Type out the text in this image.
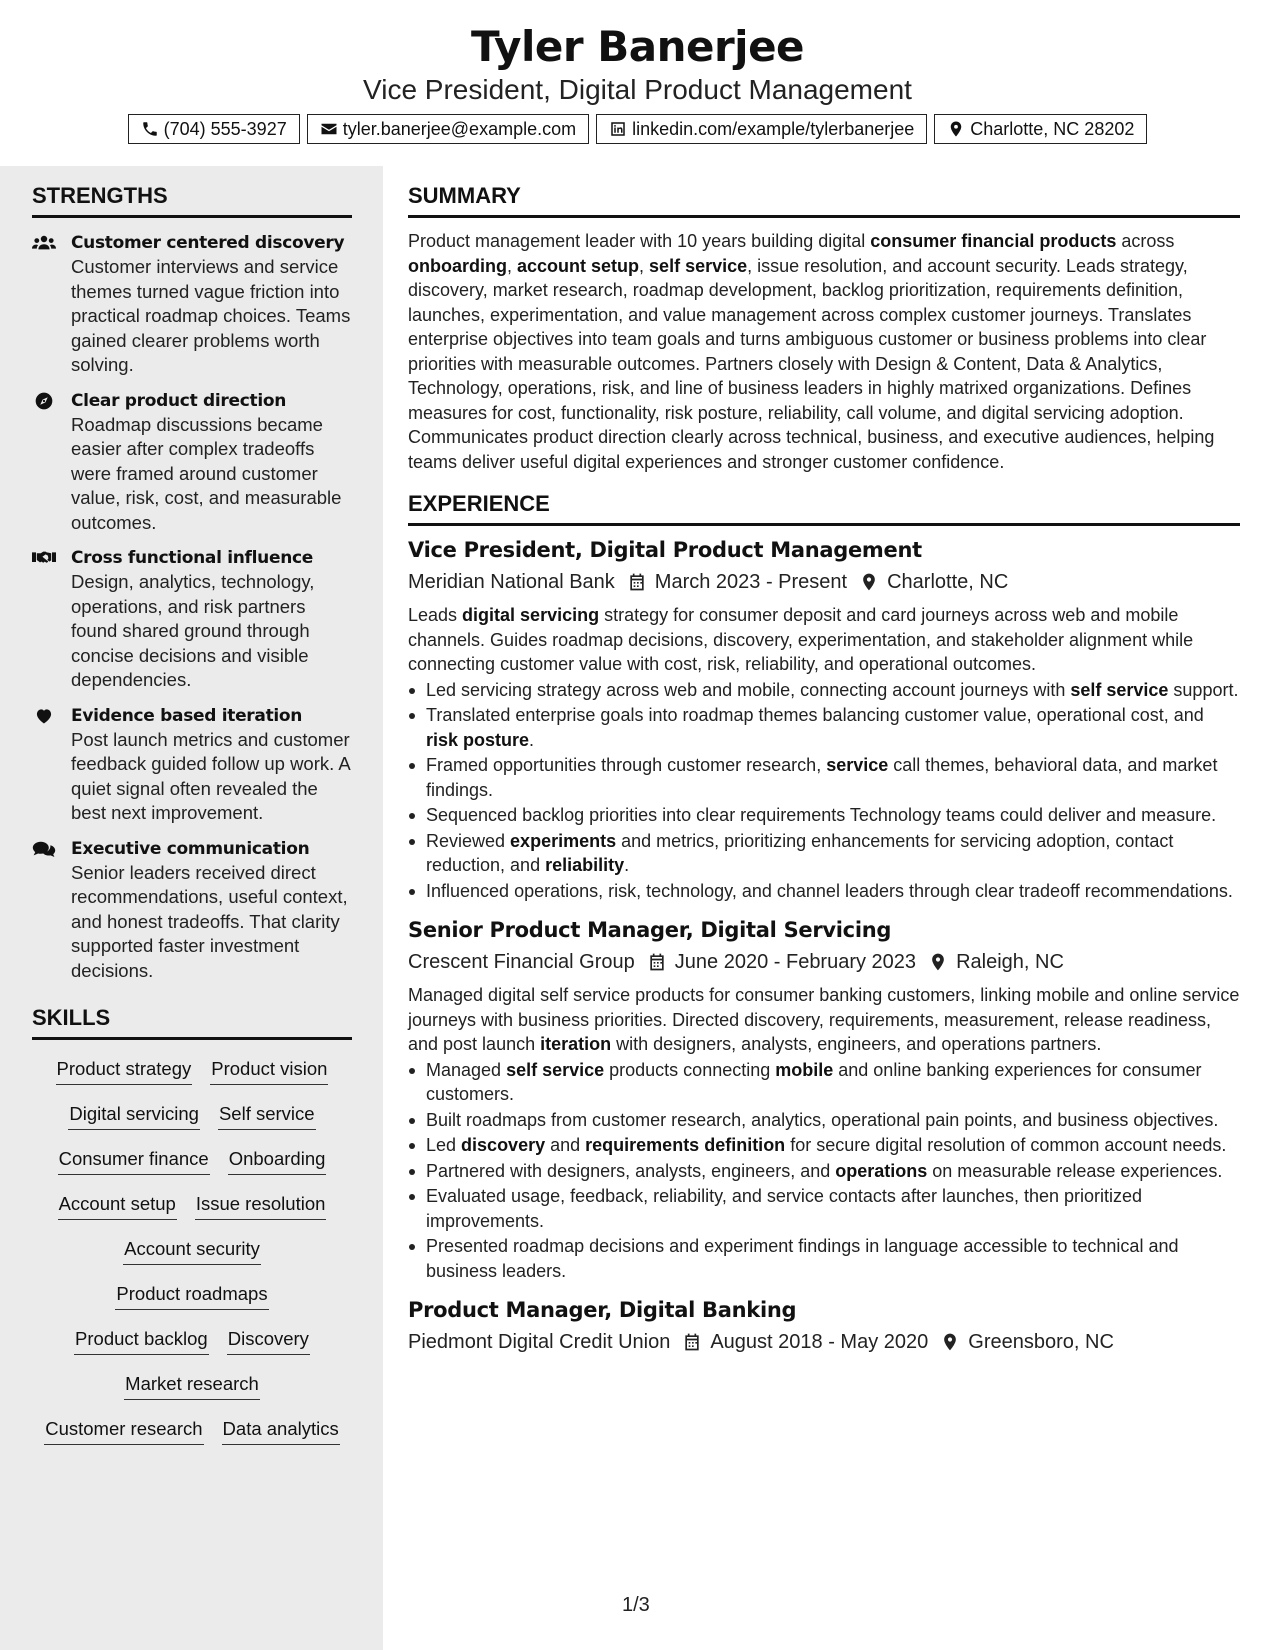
Tyler Banerjee
Vice President, Digital Product Management
(704) 555-3927	tyler.banerjee@example.com	linkedin.com/example/tylerbanerjee	Charlotte, NC 28202
STRENGTHS
Customer centered discovery
Customer interviews and service themes turned vague friction into practical roadmap choices. Teams gained clearer problems worth solving.
Clear product direction
Roadmap discussions became easier after complex tradeoffs were framed around customer value, risk, cost, and measurable outcomes.
Cross functional influence
Design, analytics, technology, operations, and risk partners found shared ground through concise decisions and visible dependencies.
Evidence based iteration
Post launch metrics and customer feedback guided follow up work. A quiet signal often revealed the best next improvement.
Executive communication
Senior leaders received direct recommendations, useful context, and honest tradeoffs. That clarity supported faster investment decisions.
SKILLS
Product strategy Product vision
Digital servicing Self service
Consumer finance Onboarding
Account setup Issue resolution
Account security
Product roadmaps
Product backlog Discovery
Market research
Customer research Data analytics
SUMMARY

Product management leader with 10 years building digital consumer financial products across onboarding, account setup, self service, issue resolution, and account security. Leads strategy, discovery, market research, roadmap development, backlog prioritization, requirements definition, launches, experimentation, and value management across complex customer journeys. Translates enterprise objectives into team goals and turns ambiguous customer or business problems into clear priorities with measurable outcomes. Partners closely with Design & Content, Data & Analytics, Technology, operations, risk, and line of business leaders in highly matrixed organizations. Defines measures for cost, functionality, risk posture, reliability, call volume, and digital servicing adoption. Communicates product direction clearly across technical, business, and executive audiences, helping teams deliver useful digital experiences and stronger customer confidence.

EXPERIENCE
Vice President, Digital Product Management
Meridian National Bank March 2023 - Present Charlotte, NC

Leads digital servicing strategy for consumer deposit and card journeys across web and mobile channels. Guides roadmap decisions, discovery, experimentation, and stakeholder alignment while connecting customer value with cost, risk, reliability, and operational outcomes.

Led servicing strategy across web and mobile, connecting account journeys with self service support.
Translated enterprise goals into roadmap themes balancing customer value, operational cost, and risk posture.
Framed opportunities through customer research, service call themes, behavioral data, and market findings.
Sequenced backlog priorities into clear requirements Technology teams could deliver and measure.
Reviewed experiments and metrics, prioritizing enhancements for servicing adoption, contact reduction, and reliability.
Influenced operations, risk, technology, and channel leaders through clear tradeoff recommendations.
Senior Product Manager, Digital Servicing
Crescent Financial Group June 2020 - February 2023 Raleigh, NC

Managed digital self service products for consumer banking customers, linking mobile and online service journeys with business priorities. Directed discovery, requirements, measurement, release readiness, and post launch iteration with designers, analysts, engineers, and operations partners.

Managed self service products connecting mobile and online banking experiences for consumer customers.
Built roadmaps from customer research, analytics, operational pain points, and business objectives.
Led discovery and requirements definition for secure digital resolution of common account needs.
Partnered with designers, analysts, engineers, and operations on measurable release experiences.
Evaluated usage, feedback, reliability, and service contacts after launches, then prioritized improvements.
Presented roadmap decisions and experiment findings in language accessible to technical and business leaders.
Product Manager, Digital Banking
Piedmont Digital Credit Union August 2018 - May 2020 Greensboro, NC
1/3
